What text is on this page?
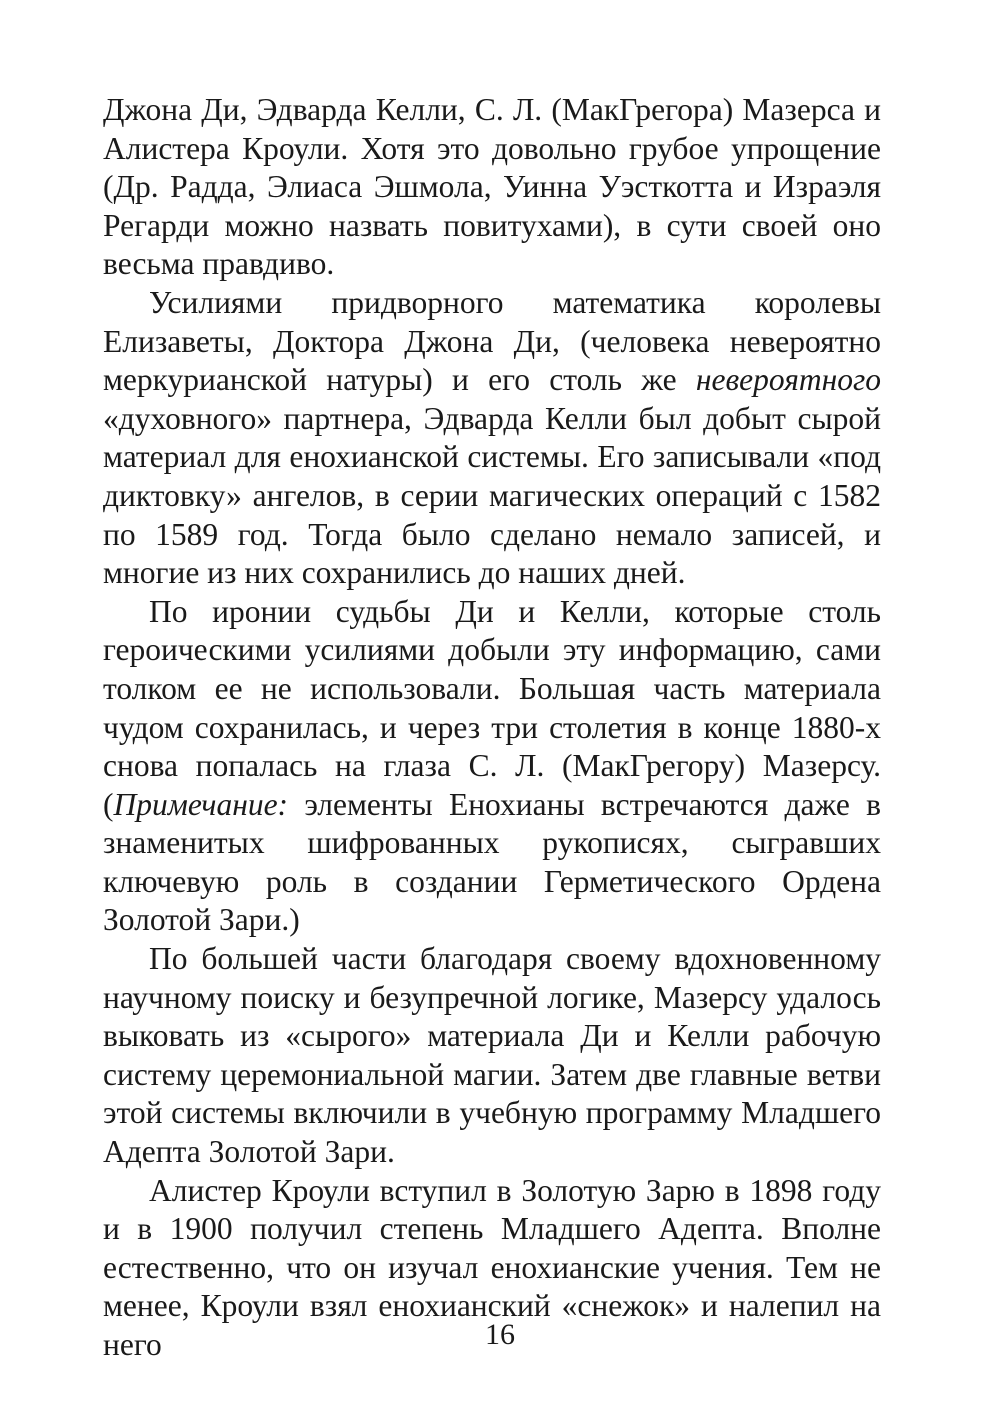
Джона Ди, Эдварда Келли, С. Л. (МакГрегора) Мазерса и Алистера Кроули. Хотя это довольно грубое упрощение (Др. Радда, Элиаса Эшмола, Уинна Уэсткотта и Израэля Регарди можно назвать повитухами), в сути своей оно весьма правдиво.

Усилиями придворного математика королевы Елизаветы, Доктора Джона Ди, (человека невероятно меркурианской натуры) и его столь же невероятного «духовного» партнера, Эдварда Келли был добыт сырой материал для енохианской системы. Его записывали «под диктовку» ангелов, в серии магических операций с 1582 по 1589 год. Тогда было сделано немало записей, и многие из них сохранились до наших дней.

По иронии судьбы Ди и Келли, которые столь героическими усилиями добыли эту информацию, сами толком ее не использовали. Большая часть материала чудом сохранилась, и через три столетия в конце 1880-х снова попалась на глаза С. Л. (МакГрегору) Мазерсу. (Примечание: элементы Енохианы встречаются даже в знаменитых шифрованных рукописях, сыгравших ключевую роль в создании Герметического Ордена Золотой Зари.)

По большей части благодаря своему вдохновенному научному поиску и безупречной логике, Мазерсу удалось выковать из «сырого» материала Ди и Келли рабочую систему церемониальной магии. Затем две главные ветви этой системы включили в учебную программу Младшего Адепта Золотой Зари.

Алистер Кроули вступил в Золотую Зарю в 1898 году и в 1900 получил степень Младшего Адепта. Вполне естественно, что он изучал енохианские учения. Тем не менее, Кроули взял енохианский «снежок» и налепил на него	16
